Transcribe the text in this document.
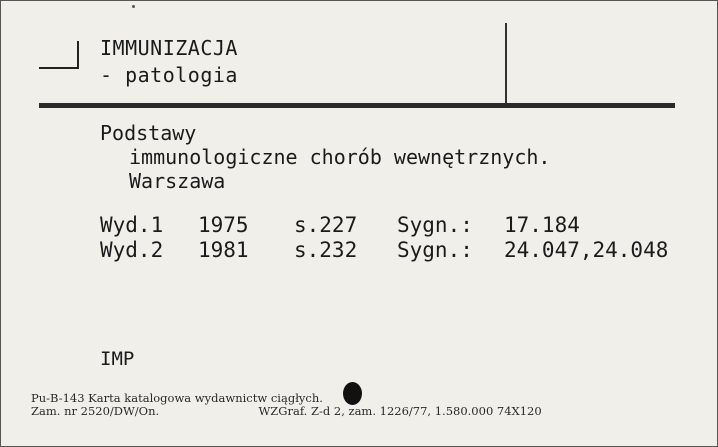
IMMUNIZACJA
- patologia
Podstawy
immunologiczne chorób wewnętrznych.
Warszawa
Wyd.1	1975	s.227	Sygn.:	17.184
Wyd.2	1981	s.232	Sygn.:	24.047,24.048
IMP
Pu-B-143 Karta katalogowa wydawnictw ciągłych.
Zam. nr 2520/DW/On.	WZGraf. Z-d 2, zam. 1226/77, 1.580.000 74X120
